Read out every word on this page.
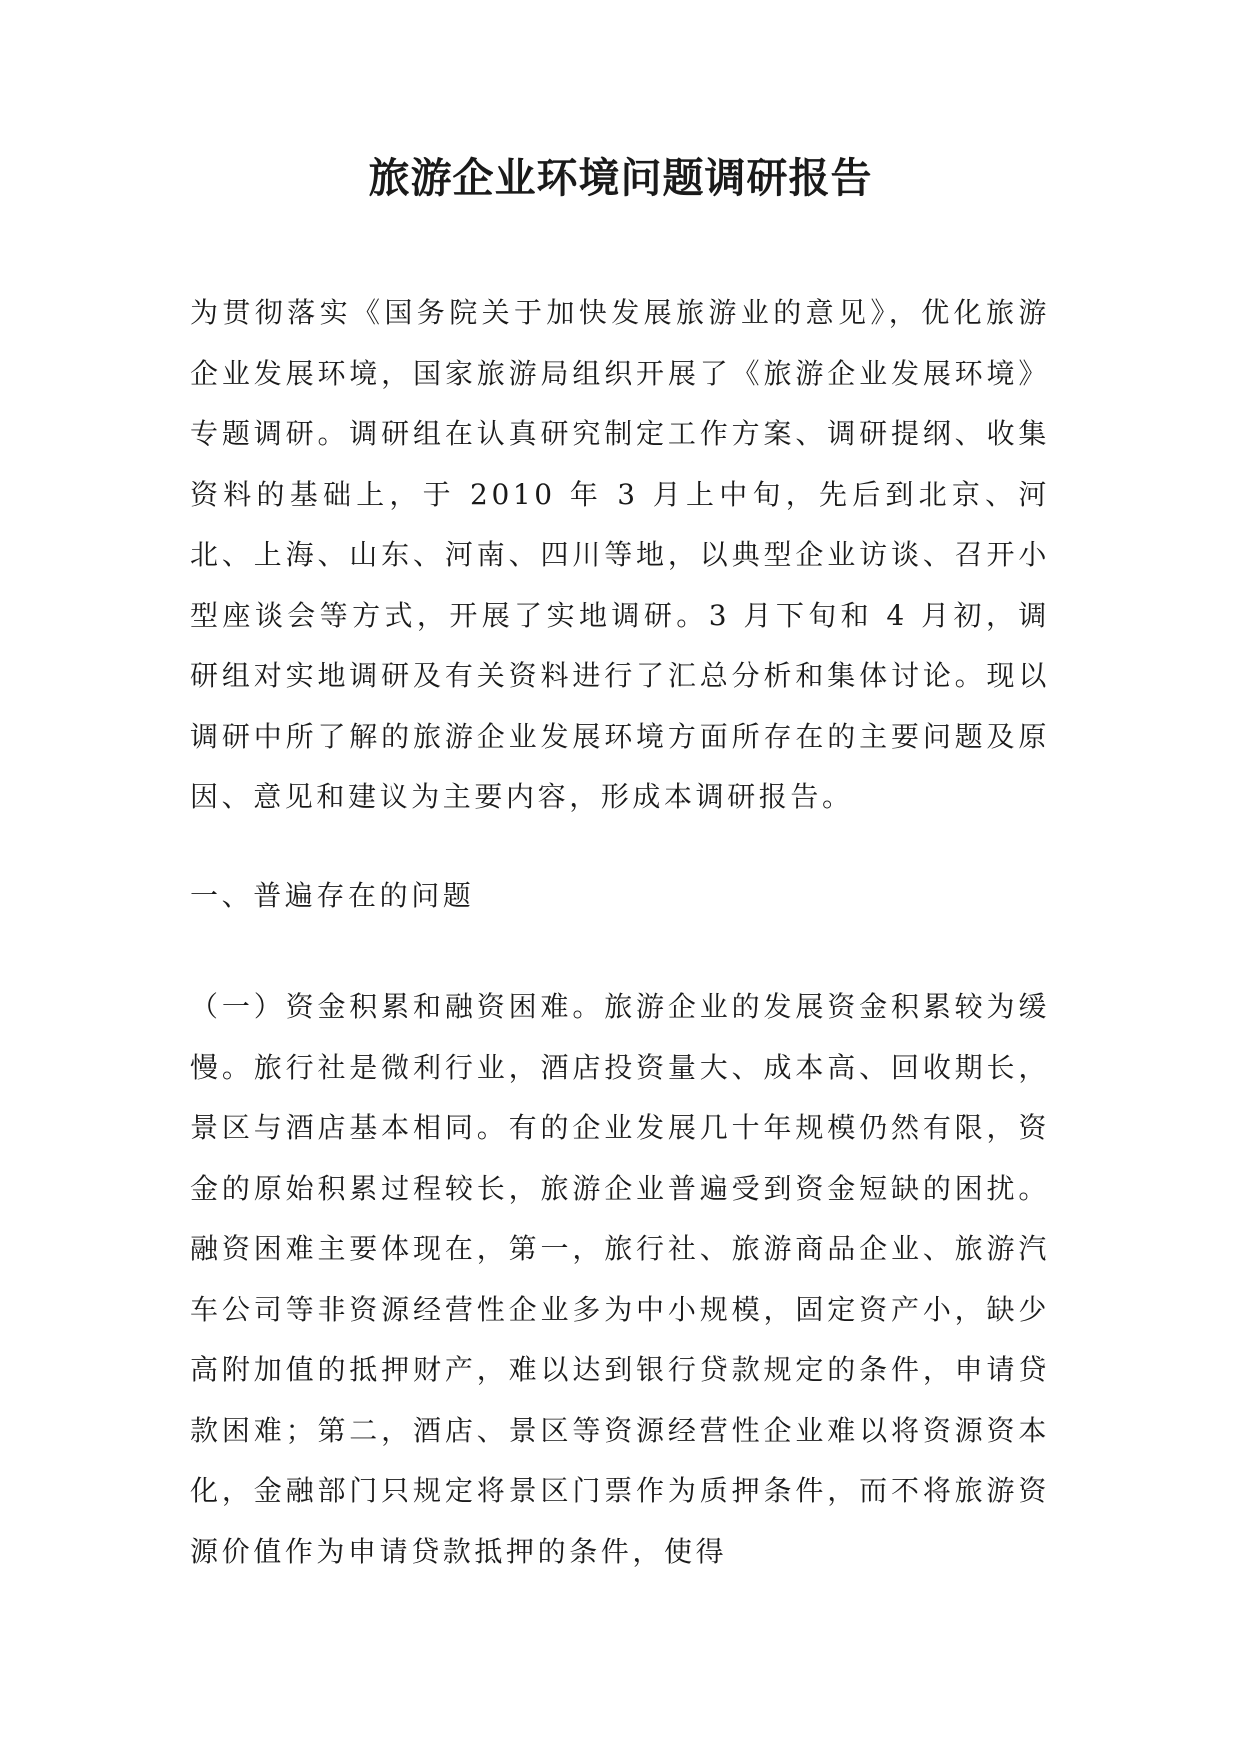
旅游企业环境问题调研报告

为贯彻落实《国务院关于加快发展旅游业的意见》，优化旅游企业发展环境，国家旅游局组织开展了《旅游企业发展环境》专题调研。调研组在认真研究制定工作方案、调研提纲、收集资料的基础上，于 2010 年 3 月上中旬，先后到北京、河北、上海、山东、河南、四川等地，以典型企业访谈、召开小型座谈会等方式，开展了实地调研。3 月下旬和 4 月初，调研组对实地调研及有关资料进行了汇总分析和集体讨论。现以调研中所了解的旅游企业发展环境方面所存在的主要问题及原因、意见和建议为主要内容，形成本调研报告。

一、普遍存在的问题

（一）资金积累和融资困难。旅游企业的发展资金积累较为缓慢。旅行社是微利行业，酒店投资量大、成本高、回收期长，景区与酒店基本相同。有的企业发展几十年规模仍然有限，资金的原始积累过程较长，旅游企业普遍受到资金短缺的困扰。融资困难主要体现在，第一，旅行社、旅游商品企业、旅游汽车公司等非资源经营性企业多为中小规模，固定资产小，缺少高附加值的抵押财产，难以达到银行贷款规定的条件，申请贷款困难；第二，酒店、景区等资源经营性企业难以将资源资本化，金融部门只规定将景区门票作为质押条件，而不将旅游资源价值作为申请贷款抵押的条件，使得
